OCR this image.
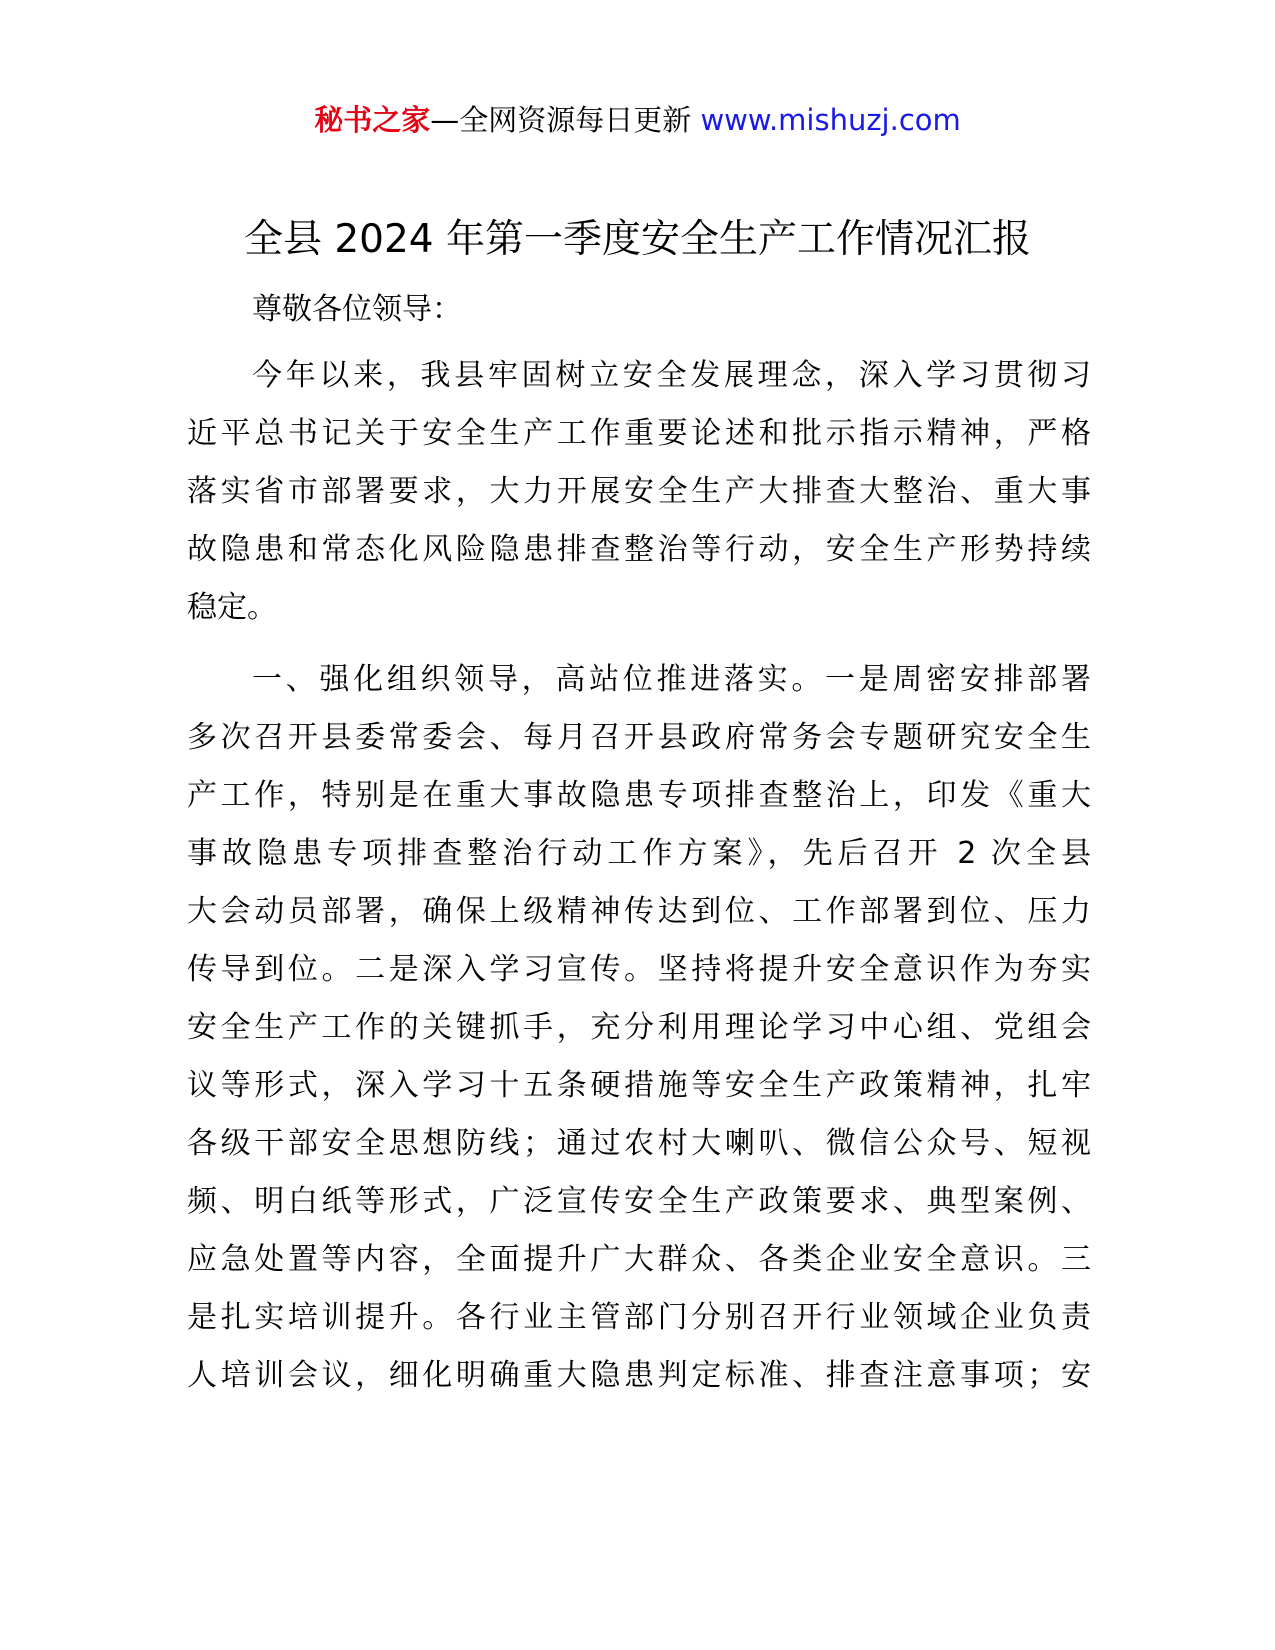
秘书之家—全网资源每日更新 www.mishuzj.com
全县 2024 年第一季度安全生产工作情况汇报

尊敬各位领导：

今年以来，我县牢固树立安全发展理念，深入学习贯彻习
近平总书记关于安全生产工作重要论述和批示指示精神，严格
落实省市部署要求，大力开展安全生产大排查大整治、重大事
故隐患和常态化风险隐患排查整治等行动，安全生产形势持续
稳定。
一、强化组织领导，高站位推进落实。一是周密安排部署
多次召开县委常委会、每月召开县政府常务会专题研究安全生
产工作，特别是在重大事故隐患专项排查整治上，印发《重大
事故隐患专项排查整治行动工作方案》，先后召开 2 次全县
大会动员部署，确保上级精神传达到位、工作部署到位、压力
传导到位。二是深入学习宣传。坚持将提升安全意识作为夯实
安全生产工作的关键抓手，充分利用理论学习中心组、党组会
议等形式，深入学习十五条硬措施等安全生产政策精神，扎牢
各级干部安全思想防线；通过农村大喇叭、微信公众号、短视
频、明白纸等形式，广泛宣传安全生产政策要求、典型案例、
应急处置等内容，全面提升广大群众、各类企业安全意识。三
是扎实培训提升。各行业主管部门分别召开行业领域企业负责
人培训会议，细化明确重大隐患判定标准、排查注意事项；安
